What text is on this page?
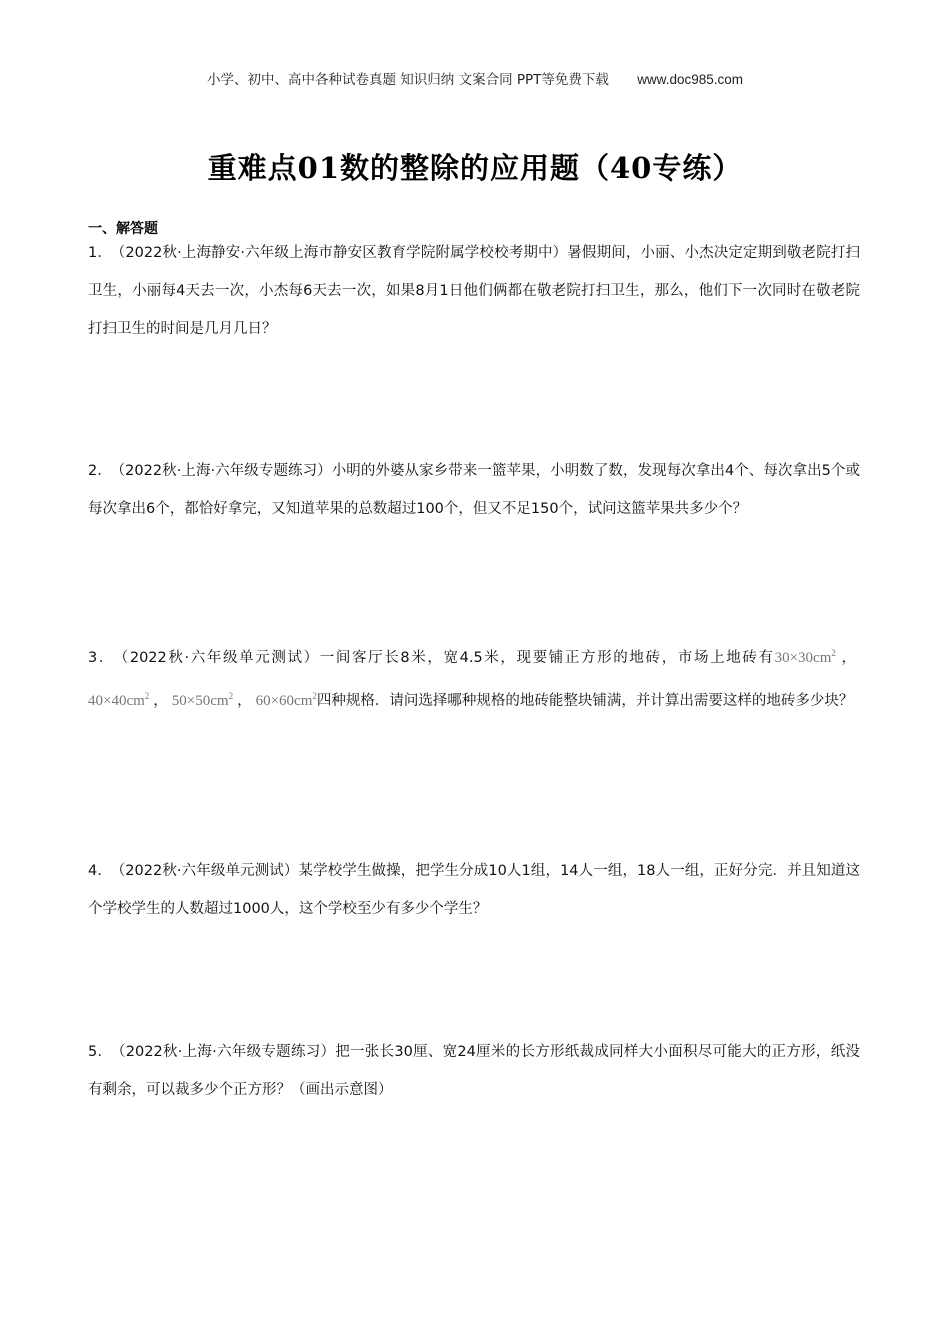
小学、初中、高中各种试卷真题 知识归纳 文案合同 PPT等免费下载 www.doc985.com
重难点01数的整除的应用题（40专练）
一、解答题
1． （2022秋·上海静安·六年级上海市静安区教育学院附属学校校考期中）暑假期间，小丽、小杰决定定期到敬老院打扫卫生，小丽每4天去一次，小杰每6天去一次，如果8月1日他们俩都在敬老院打扫卫生，那么，他们下一次同时在敬老院打扫卫生的时间是几月几日？
2． （2022秋·上海·六年级专题练习）小明的外婆从家乡带来一篮苹果，小明数了数，发现每次拿出4个、每次拿出5个或每次拿出6个，都恰好拿完，又知道苹果的总数超过100个，但又不足150个，试问这篮苹果共多少个？
3． （2022秋·六年级单元测试）一间客厅长8米，宽4.5米，现要铺正方形的地砖，市场上地砖有$30\times 30cm^2$ ，$40\times 40cm^2$ ， $50\times 50cm^2$ ， $60\times 60cm^2$四种规格．请问选择哪种规格的地砖能整块铺满，并计算出需要这样的地砖多少块？
4． （2022秋·六年级单元测试）某学校学生做操，把学生分成10人1组，14人一组，18人一组，正好分完．并且知道这个学校学生的人数超过1000人，这个学校至少有多少个学生？
5． （2022秋·上海·六年级专题练习）把一张长30厘、宽24厘米的长方形纸裁成同样大小面积尽可能大的正方形，纸没有剩余，可以裁多少个正方形？（画出示意图）
